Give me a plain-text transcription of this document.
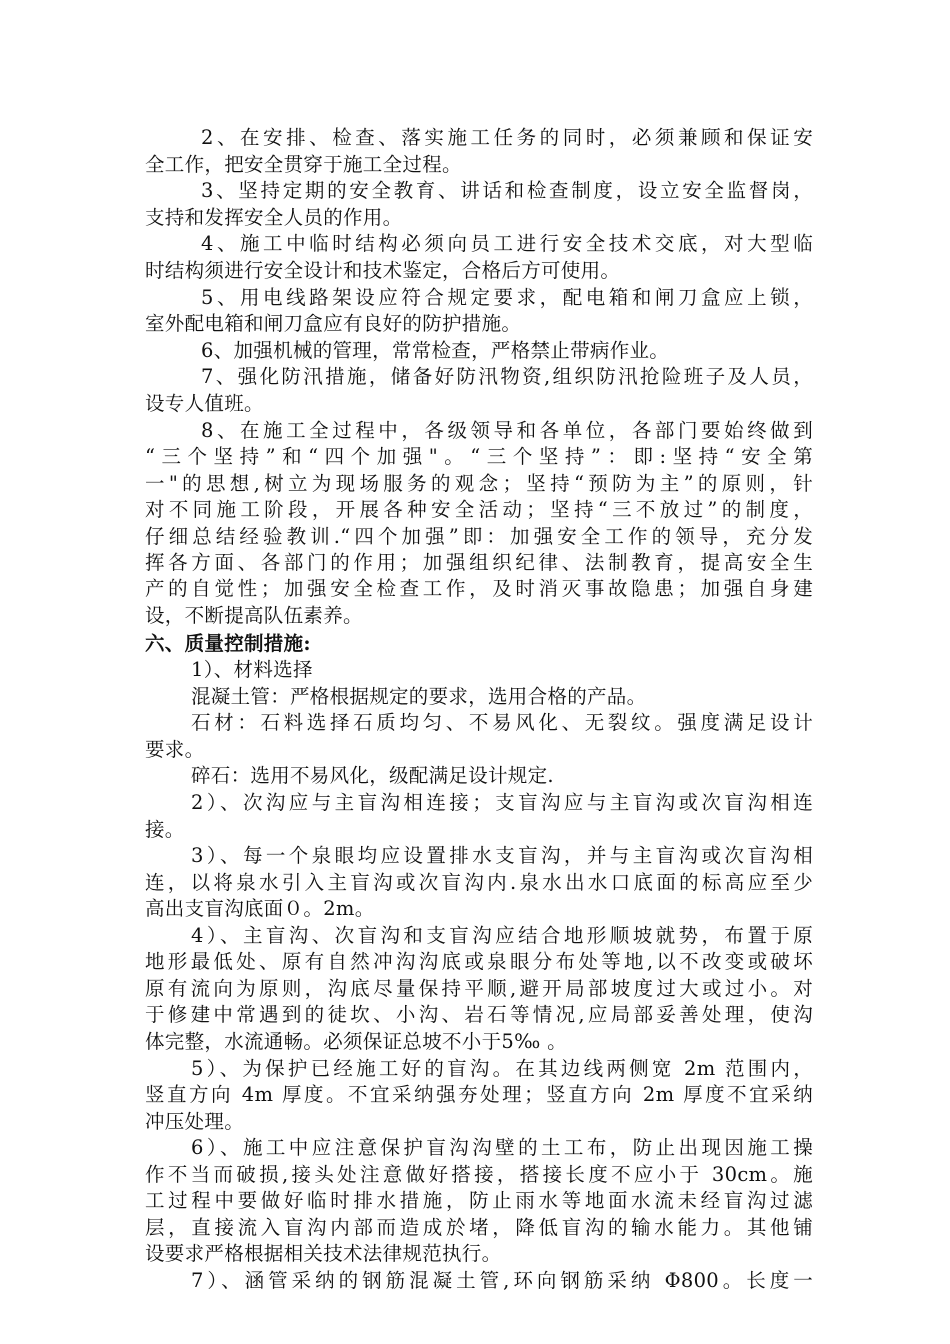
2、在安排、检查、落实施工任务的同时，必须兼顾和保证安
全工作，把安全贯穿于施工全过程。
3、坚持定期的安全教育、讲话和检查制度，设立安全监督岗，
支持和发挥安全人员的作用。
4、施工中临时结构必须向员工进行安全技术交底，对大型临
时结构须进行安全设计和技术鉴定，合格后方可使用。
5、用电线路架设应符合规定要求，配电箱和闸刀盒应上锁，
室外配电箱和闸刀盒应有良好的防护措施。
6、加强机械的管理，常常检查，严格禁止带病作业。
7、强化防汛措施，储备好防汛物资,组织防汛抢险班子及人员，
设专人值班。
8、在施工全过程中，各级领导和各单位，各部门要始终做到
“三个坚持”和“四个加强"。“三个坚持”：即:坚持“安全第
一"的思想,树立为现场服务的观念；坚持“预防为主”的原则，针
对不同施工阶段，开展各种安全活动；坚持“三不放过”的制度，
仔细总结经验教训.“四个加强”即：加强安全工作的领导，充分发
挥各方面、各部门的作用；加强组织纪律、法制教育，提高安全生
产的自觉性；加强安全检查工作，及时消灭事故隐患；加强自身建
设，不断提高队伍素养。
六、质量控制措施:
1）、材料选择
混凝土管：严格根据规定的要求，选用合格的产品。
石材：石料选择石质均匀、不易风化、无裂纹。强度满足设计
要求。
碎石：选用不易风化，级配满足设计规定.
2）、次沟应与主盲沟相连接；支盲沟应与主盲沟或次盲沟相连
接。
3）、每一个泉眼均应设置排水支盲沟，并与主盲沟或次盲沟相
连，以将泉水引入主盲沟或次盲沟内.泉水出水口底面的标高应至少
高出支盲沟底面０。2m。
4）、主盲沟、次盲沟和支盲沟应结合地形顺坡就势，布置于原
地形最低处、原有自然冲沟沟底或泉眼分布处等地,以不改变或破坏
原有流向为原则，沟底尽量保持平顺,避开局部坡度过大或过小。对
于修建中常遇到的徒坎、小沟、岩石等情况,应局部妥善处理，使沟
体完整，水流通畅。必须保证总坡不小于5‰ 。
5）、为保护已经施工好的盲沟。在其边线两侧宽 2m 范围内，
竖直方向 4m 厚度。不宜采纳强夯处理；竖直方向 2m 厚度不宜采纳
冲压处理。
6）、施工中应注意保护盲沟沟壁的土工布，防止出现因施工操
作不当而破损,接头处注意做好搭接，搭接长度不应小于 30cm。施
工过程中要做好临时排水措施，防止雨水等地面水流未经盲沟过滤
层，直接流入盲沟内部而造成於堵，降低盲沟的输水能力。其他铺
设要求严格根据相关技术法律规范执行。
7）、涵管采纳的钢筋混凝土管,环向钢筋采纳 Φ800。长度一
